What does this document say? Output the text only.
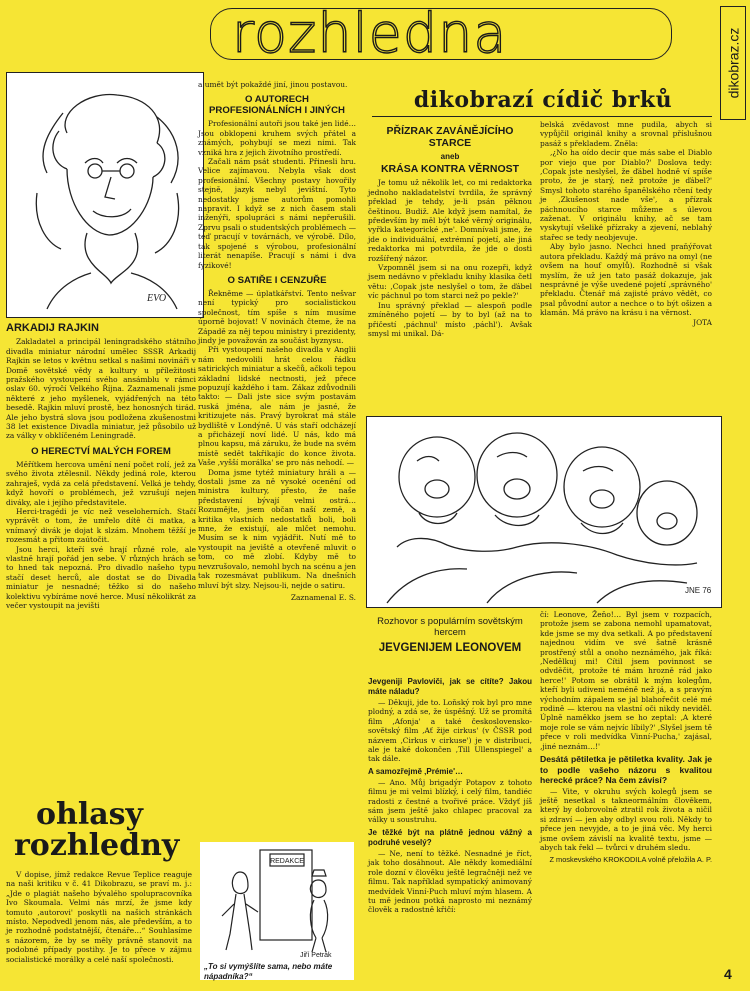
rozhledna	dikobraz.cz
EVO
ARKADIJ RAJKIN

Zakladatel a principál leningradského státního divadla miniatur národní umělec SSSR Arkadij Rajkin se letos v květnu setkal s našimi novináři v Domě sovětské vědy a kultury u příležitosti pražského vystoupení svého ansámblu v rámci oslav 60. výročí Velkého Října. Zaznamenali jsme některé z jeho myšlenek, vyjádřených na této besedě. Rajkin mluví prostě, bez honosných tirád. Ale jeho bystrá slova jsou podložena zkušenostmi 38 let existence Divadla miniatur, jež působilo už za války v obklíčeném Leningradě.

O HERECTVÍ MALÝCH FOREM

Měřítkem hercova umění není počet rolí, jež za svého života ztělesnil. Někdy jediná role, kterou zahraješ, vydá za celá představení. Velká je tehdy, když hovoří o problémech, jež vzrušují nejen diváky, ale i jejího představitele.

Herci-tragédi je víc než veseloherních. Stačí vyprávět o tom, že umřelo dítě či matka, a vnímavý divák je dojat k slzám. Mnohem těžší je rozesmát a přitom zaútočit.

Jsou herci, kteří své hrají různé role, ale vlastně hrají pořád jen sebe. V různých hrách se to hned tak nepozná. Pro divadlo našeho typu stačí deset herců, ale dostat se do Divadla miniatur je nesnadné; těžko si do našeho kolektivu vybíráme nové herce. Musí několikrát za večer vystoupit na jevišti

a umět být pokaždé jiní, jinou postavou.

O AUTORECH PROFESIONÁLNÍCH I JINÝCH

Profesionální autoři jsou také jen lidé… Jsou obklopeni kruhem svých přátel a známých, pohybují se mezi nimi. Tak vzniká hra z jejich životního prostředí.

Začali nám psát studenti. Přinesli hru. Velice zajímavou. Nebyla však dost profesionální. Všechny postavy hovořily stejně, jazyk nebyl jevištní. Tyto nedostatky jsme autorům pomohli napravit. I když se z nich časem stali inženýři, spolupráci s námi nepřerušili. Zprvu psali o studentských problémech — teď pracují v továrnách, ve výrobě. Dílo, tak spojené s výrobou, profesionální literát nenapíše. Pracují s námi i dva fyzikové!

O SATIŘE I CENZUŘE

Řekněme — úplatkářství. Tento nešvar není typický pro socialistickou společnost, tím spíše s ním musíme úporně bojovat! V novinách čteme, že na Západě za něj tepou ministry i prezidenty, jindy je považován za součást byznysu.

Při vystoupení našeho divadla v Anglii nám nedovolili hrát celou řádku satirických miniatur a skečů, ačkoli tepou základní lidské nectnosti, jež přece popuzují každého i tam. Zákaz zdůvodnili takto: — Dali jste sice svým postavám ruská jména, ale nám je jasné, že kritizujete nás. Pravý byrokrat má stále bydliště v Londýně. U vás staří odcházejí a přicházejí noví lidé. U nás, kdo má plnou kapsu, má záruku, že bude na svém místě sedět takřikajíc do konce života. Vaše ‚vyšší morálka' se pro nás nehodí. —

Doma jsme tytéž miniatury hráli a — dostali jsme za ně vysoké ocenění od ministra kultury, přesto, že naše představení bývají velmi ostrá… Rozumějte, jsem občan naší země, a kritika vlastních nedostatků boli, boli mne, že existují, ale mlčet nemohu. Musím se k nim vyjádřit. Nutí mě to vystoupit na jeviště a otevřeně mluvit o tom, co mě zlobí. Kdyby mě to nevzrušovalo, nemohl bych na scénu a jen tak rozesmávat publikum. Na dnešních mluví být slzy. Nejsou-li, nejde o satiru.

Zaznamenal E. S.
dikobrazí cídič brků
PŘÍZRAK ZAVÁNĚJÍCÍHO STARCE
aneb
KRÁSA KONTRA VĚRNOST

Je tomu už několik let, co mi redaktorka jednoho nakladatelství tvrdila, že správný překlad je tehdy, je-li psán pěknou češtinou. Budiž. Ale když jsem namítal, že především by měl být také věrný originálu, vyřkla kategorické ‚ne'. Domnívali jsme, že jde o individuální, extrémní pojetí, ale jiná redaktorka mi potvrdila, že jde o dosti rozšířený názor.

Vzpomněl jsem si na onu rozepři, když jsem nedávno v překladu knihy klasika četl větu: ‚Copak jste neslyšel o tom, že ďábel víc páchnul po tom starci než po pekle?'

Inu správný překlad — alespoň podle zmíněného pojetí — by to byl (až na to přičestí ‚páchnul' místo ‚páchl'). Avšak smysl mi unikal. Dá-

belská zvědavost mne pudila, abych si vypůjčil originál knihy a srovnal příslušnou pasáž s překladem. Zněla:

‚¿No ha oído decir que más sabe el Diablo por viejo que por Diablo?' Doslova tedy: ‚Copak jste neslyšel, že ďábel hodně ví spíše proto, že je starý, než protože je ďábel?' Smysl tohoto starého španělského rčení tedy je ‚Zkušenost nade vše', a přízrak páchnoucího starce můžeme s úlevou zaženat. V originálu knihy, ač se tam vyskytují všeliké přízraky a zjevení, neblahý stařec se tedy neobjevuje.

Aby bylo jasno. Nechci hned praňýřovat autora překladu. Každý má právo na omyl (ne ovšem na houf omylů). Rozhodně si však myslím, že už jen tato pasáž dokazuje, jak nesprávné je výše uvedené pojetí ‚správného' překladu. Čtenář má zajisté právo vědět, co psal původní autor a nechce o to být ošizen a klamán. Má právo na krásu i na věrnost.

JOTA
JNE 76
Rozhovor s populárním sovětským hercem
JEVGENIJEM LEONOVEM
Jevgeniji Pavloviči, jak se cítíte? Jakou máte náladu?

— Děkuji, jde to. Loňský rok byl pro mne plodný, a zdá se, že úspěšný. Už se promítá film ‚Afonja' a také československo-sovětský film ‚Ať žije cirkus' (v ČSSR pod názvem ‚Cirkus v cirkuse') je v distribuci, ale je také dokončen ‚Till Ullenspiegel' a tak dále.

A samozřejmě ‚Prémie'…

— Ano. Můj brigadýr Potapov z tohoto filmu je mi velmi blízký, i celý film, tandiéc radosti z čestné a tvořivé práce. Vždyť jíš sám jsem ještě jako chlapec pracoval za války u soustruhu.

Je těžké být na plátně jednou vážný a podruhé veselý?

— Ne, není to těžké. Nesnadné je říct, jak toho dosáhnout. Ale někdy komediální role dozní v člověku ještě legračněji než ve filmu. Tak například sympatický animovaný medvídek Vinní-Puch mluví mým hlasem. A tu mě jednou potká naprosto mi neznámý člověk a radostně křičí:

čí: Leonove, Žeňo!… Byl jsem v rozpacích, protože jsem se zabona nemohl upamatovat, kde jsme se my dva setkali. A po představení najednou vidím ve své šatně krásně prostřený stůl a onoho neznámého, jak říká: ‚Nedělkuj mi! Cítil jsem povinnost se odvděčit, protože té mám hrozně rád jako herce!' Potom se obrátil k mým kolegům, kteří byli udiveni neméně než já, a s pravým východním zápalem se jal blahořečit celé mé rodině — kterou na vlastní oči nikdy neviděl. Úplně naměkko jsem se ho zeptal: ‚A které moje role se vám nejvíc líbily?' ‚Slyšel jsem tě přece v roli medvídka Vinní-Pucha,' zajásal, ‚jiné neznám…!'

Desátá pětiletka je pětiletka kvality. Jak je to podle vašeho názoru s kvalitou herecké práce? Na čem závisí?

— Vite, v okruhu svých kolegů jsem se ještě nesetkal s takneormálním člověkem, který by dobrovolně ztratil rok života a ničil si zdraví — jen aby odbyl svou roli. Někdy to přece jen nevyjde, a to je jiná věc. My herci jsme ovšem závislí na kvalitě textu, jsme — abych tak řekl — tvůrci v druhém sledu.

Z moskevského KROKODILA volně přeložila A. P.
ohlasy
rozhledny

V dopise, jímž redakce Revue Teplice reaguje na naši kritiku v č. 41 Dikobrazu, se praví m. j.: „Jde o plagiát našeho bývalého spolupracovníka Ivo Skoumala. Velmi nás mrzí, že jsme kdy tomuto ‚autorovi' poskytli na našich stránkách místo. Nepodvedl jenom nás, ale především, a to je rozhodně podstatnější, čtenáře…“ Souhlasíme s názorem, že by se měly právně stanovit na podobné případy postihy. Je to přece v zájmu socialistické morálky a celé naší společnosti.

REDAKCE
Jiří Petrák
„To si vymýšlíte sama, nebo máte nápadníka?“	4
